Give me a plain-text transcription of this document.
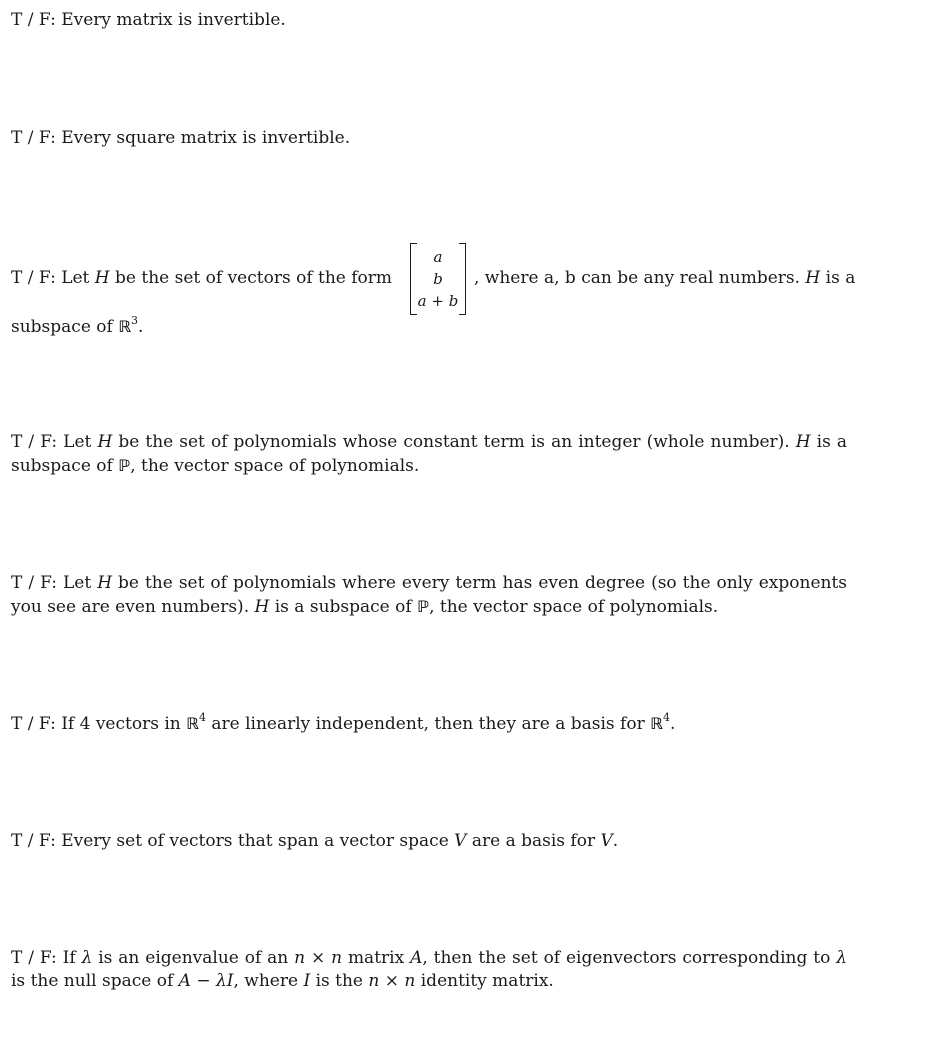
T / F: Every matrix is invertible.
T / F: Every square matrix is invertible.
T / F: Let H be the set of vectors of the form
a
b
a + b
, where a, b can be any real numbers. H is a
subspace of ℝ$^3$.
T / F: Let H be the set of polynomials whose constant term is an integer (whole number). H is a subspace of ℙ, the vector space of polynomials.
T / F: Let H be the set of polynomials where every term has even degree (so the only exponents you see are even numbers). H is a subspace of ℙ, the vector space of polynomials.
T / F: If 4 vectors in ℝ$^4$ are linearly independent, then they are a basis for ℝ$^4$.
T / F: Every set of vectors that span a vector space V are a basis for V.
T / F: If λ is an eigenvalue of an n × n matrix A, then the set of eigenvectors corresponding to λ is the null space of A − λI, where I is the n × n identity matrix.
